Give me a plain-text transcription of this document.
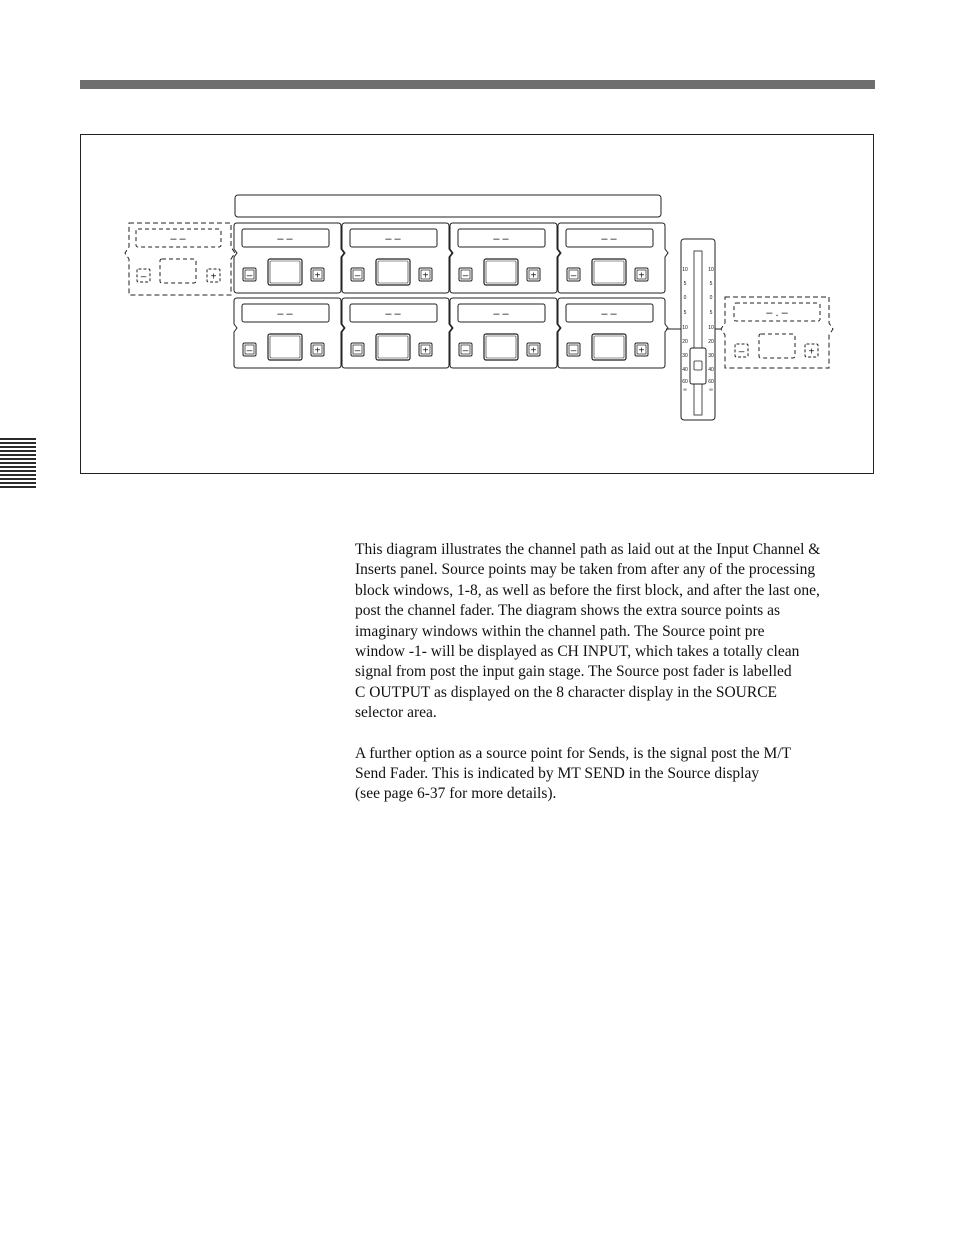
– –
–	+
– –
–	+
– –
–	+
– –
–	+
– –
–	+
– –
–	+
– –
–	+
– –
–	+
– –
–	+
10
5
0
5
10
20
30
40
60
∞
10
5
0
5
10
20
30
40
60
∞
– . –
–	+

This diagram illustrates the channel path as laid out at the Input Channel &
Inserts panel. Source points may be taken from after any of the processing
block windows, 1-8, as well as before the first block, and after the last one,
post the channel fader. The diagram shows the extra source points as
imaginary windows within the channel path. The Source point pre
window -1- will be displayed as CH INPUT, which takes a totally clean
signal from post the input gain stage. The Source post fader is labelled
C OUTPUT as displayed on the 8 character display in the SOURCE
selector area.

A further option as a source point for Sends, is the signal post the M/T
Send Fader. This is indicated by MT SEND in the Source display
(see page 6-37 for more details).
